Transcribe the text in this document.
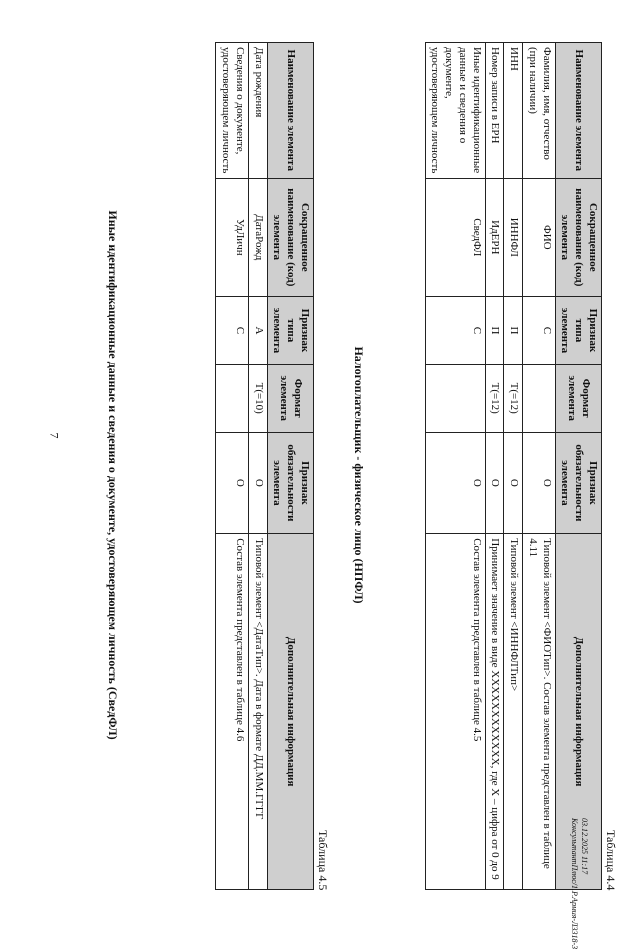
7
Таблица 4.4
Наименование элемента	Сокращенное наименование (код) элемента	Признак типа элемента	Формат элемента	Признак обязательности элемента	Дополнительная информация
Фамилия, имя, отчество (при наличии)	ФИО	С		О	Типовой элемент <ФИОТип>. Состав элемента представлен в таблице 4.11
ИНН	ИННФЛ	П	T(=12)	О	Типовой элемент <ИННФЛТип>
Номер записи в ЕРН	ИдЕРН	П	T(=12)	О	Принимает значение в виде XXXXXXXXXXXX, где X – цифра от 0 до 9
Иные идентификационные данные и сведения о документе, удостоверяющем личность	СведФЛ	С		О	Состав элемента представлен в таблице 4.5
Налогоплательщик - физическое лицо (НПФЛ)
Таблица 4.5
Наименование элемента	Сокращенное наименование (код) элемента	Признак типа элемента	Формат элемента	Признак обязательности элемента	Дополнительная информация
Дата рождения	ДатаРожд	А	T(=10)	О	Типовой элемент <ДатаТип>. Дата в формате ДД.ММ.ГГГГ
Сведения о документе, удостоверяющем личность	УдЛичн	С		О	Состав элемента представлен в таблице 4.6
Иные идентификационные данные и сведения о документе, удостоверяющем личность (СведФЛ)
03.12.2025 11:17
КонсультантПлюс/1.Р.Армия-ЛЗ318-3
